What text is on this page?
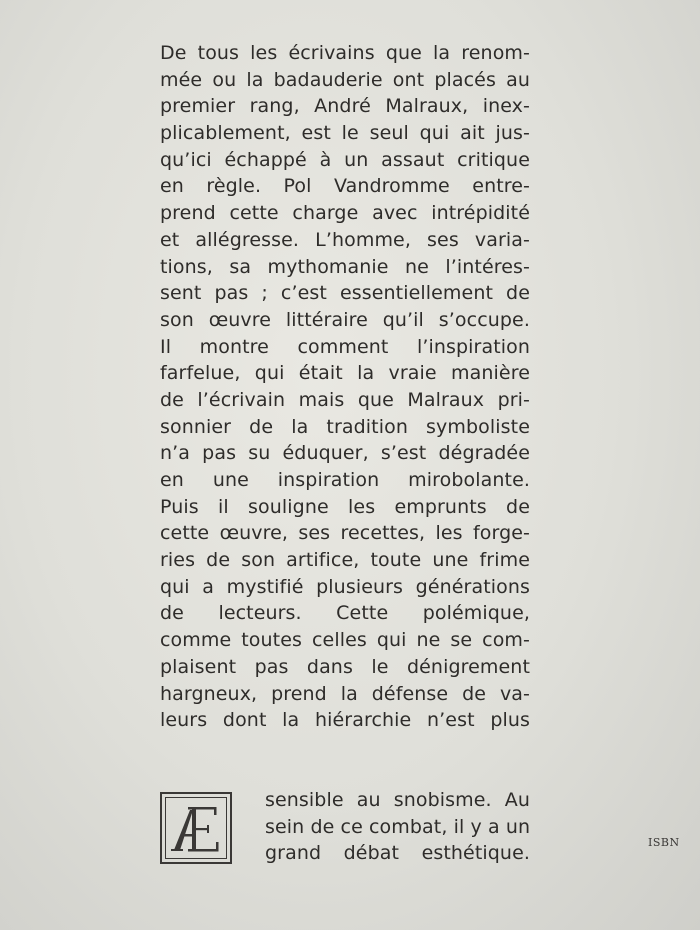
De tous les écrivains que la renom-
mée ou la badauderie ont placés au
premier rang, André Malraux, inex-
plicablement, est le seul qui ait jus-
qu’ici échappé à un assaut critique
en règle. Pol Vandromme entre-
prend cette charge avec intrépidité
et allégresse. L’homme, ses varia-
tions, sa mythomanie ne l’intéres-
sent pas ; c’est essentiellement de
son œuvre littéraire qu’il s’occupe.
Il montre comment l’inspiration
farfelue, qui était la vraie manière
de l’écrivain mais que Malraux pri-
sonnier de la tradition symboliste
n’a pas su éduquer, s’est dégradée
en une inspiration mirobolante.
Puis il souligne les emprunts de
cette œuvre, ses recettes, les forge-
ries de son artifice, toute une frime
qui a mystifié plusieurs générations
de lecteurs. Cette polémique,
comme toutes celles qui ne se com-
plaisent pas dans le dénigrement
hargneux, prend la défense de va-
leurs dont la hiérarchie n’est plus
sensible au snobisme. Au
sein de ce combat, il y a un
grand débat esthétique.	ISBN
